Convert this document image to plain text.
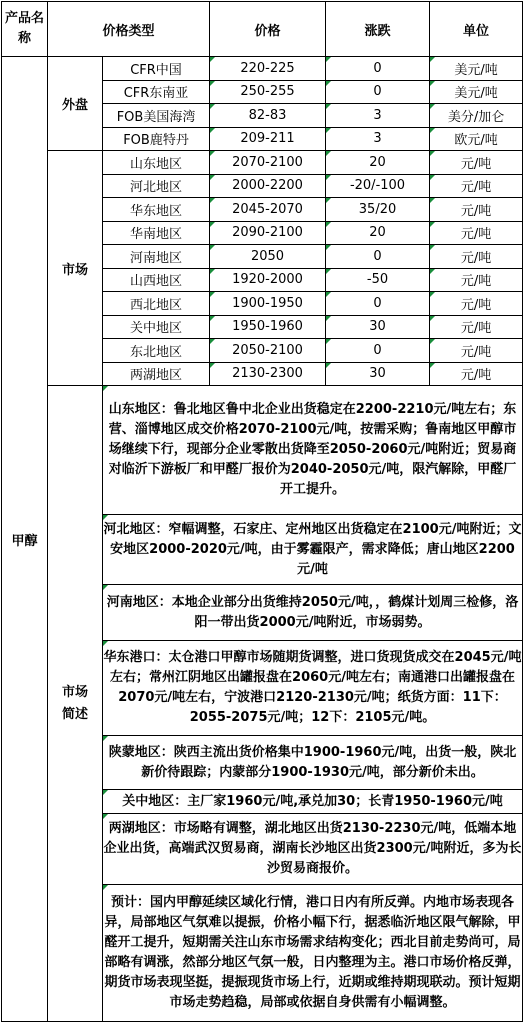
产品名称	价格类型		价格	涨跌	单位
甲醇	外盘	CFR中国	220-225	0	美元/吨
		CFR东南亚	250-255	0	美元/吨
		FOB美国海湾	82-83	3	美分/加仑
		FOB鹿特丹	209-211	3	欧元/吨
	市场	山东地区	2070-2100	20	元/吨
		河北地区	2000-2200	-20/-100	元/吨
		华东地区	2045-2070	35/20	元/吨
		华南地区	2090-2100	20	元/吨
		河南地区	2050	0	元/吨
		山西地区	1920-2000	-50	元/吨
		西北地区	1900-1950	0	元/吨
		关中地区	1950-1960	30	元/吨
		东北地区	2050-2100	0	元/吨
		两湖地区	2130-2300	30	元/吨

	市场简述	山东地区：鲁北地区鲁中北企业出货稳定在2200-2210元/吨左右；东营、淄博地区成交价格2070-2100元/吨，按需采购；鲁南地区甲醇市场继续下行，现部分企业零散出货降至2050-2060元/吨附近；贸易商对临沂下游板厂和甲醛厂报价为2040-2050元/吨，限汽解除，甲醛厂开工提升。			
		河北地区：窄幅调整，石家庄、定州地区出货稳定在2100元/吨附近；文安地区2000-2020元/吨，由于雾霾限产，需求降低；唐山地区2200元/吨			
		河南地区：本地企业部分出货维持2050元/吨，，鹤煤计划周三检修，洛阳一带出货2000元/吨附近，市场弱势。			
		华东港口：太仓港口甲醇市场随期货调整，进口货现货成交在2045元/吨左右；常州江阴地区出罐报盘在2060元/吨左右；南通港口出罐报盘在2070元/吨左右，宁波港口2120-2130元/吨；纸货方面：11下：2055-2075元/吨；12下：2105元/吨。			
		陕蒙地区：陕西主流出货价格集中1900-1960元/吨，出货一般，陕北新价待跟踪；内蒙部分1900-1930元/吨，部分新价未出。			
		关中地区：主厂家1960元/吨,承兑加30；长青1950-1960元/吨			
		两湖地区：市场略有调整，湖北地区出货2130-2230元/吨，低端本地企业出货，高端武汉贸易商，湖南长沙地区出货2300元/吨附近，多为长沙贸易商报价。			
		预计：国内甲醇延续区域化行情，港口日内有所反弹。内地市场表现各异，局部地区气氛难以提振，价格小幅下行，据悉临沂地区限气解除，甲醛开工提升，短期需关注山东市场需求结构变化；西北目前走势尚可，局部略有调涨，然部分地区气氛一般，日内整理为主。港口市场价格反弹，期货市场表现坚挺，提振现货市场上行，近期或维持期现联动。预计短期市场走势趋稳，局部或依据自身供需有小幅调整。			
